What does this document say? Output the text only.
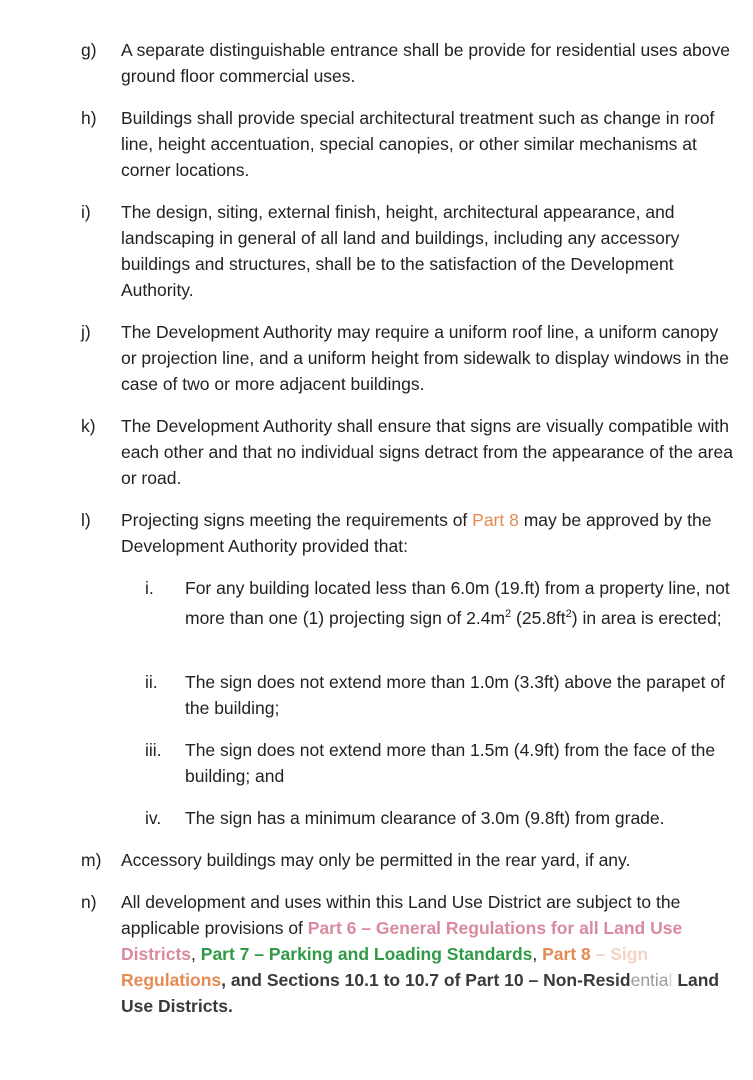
g) A separate distinguishable entrance shall be provide for residential uses above ground floor commercial uses.
h) Buildings shall provide special architectural treatment such as change in roof line, height accentuation, special canopies, or other similar mechanisms at corner locations.
i) The design, siting, external finish, height, architectural appearance, and landscaping in general of all land and buildings, including any accessory buildings and structures, shall be to the satisfaction of the Development Authority.
j) The Development Authority may require a uniform roof line, a uniform canopy or projection line, and a uniform height from sidewalk to display windows in the case of two or more adjacent buildings.
k) The Development Authority shall ensure that signs are visually compatible with each other and that no individual signs detract from the appearance of the area or road.
l) Projecting signs meeting the requirements of Part 8 may be approved by the Development Authority provided that:
i. For any building located less than 6.0m (19.ft) from a property line, not more than one (1) projecting sign of $2.4m^2$ $(25.8ft^2)$ in area is erected;
ii. The sign does not extend more than 1.0m (3.3ft) above the parapet of the building;
iii. The sign does not extend more than 1.5m (4.9ft) from the face of the building; and
iv. The sign has a minimum clearance of 3.0m (9.8ft) from grade.
m) Accessory buildings may only be permitted in the rear yard, if any.
n) All development and uses within this Land Use District are subject to the applicable provisions of Part 6 – General Regulations for all Land Use Districts, Part 7 – Parking and Loading Standards, Part 8 – Sign Regulations, and Sections 10.1 to 10.7 of Part 10 – Non-Residential Land Use Districts.
